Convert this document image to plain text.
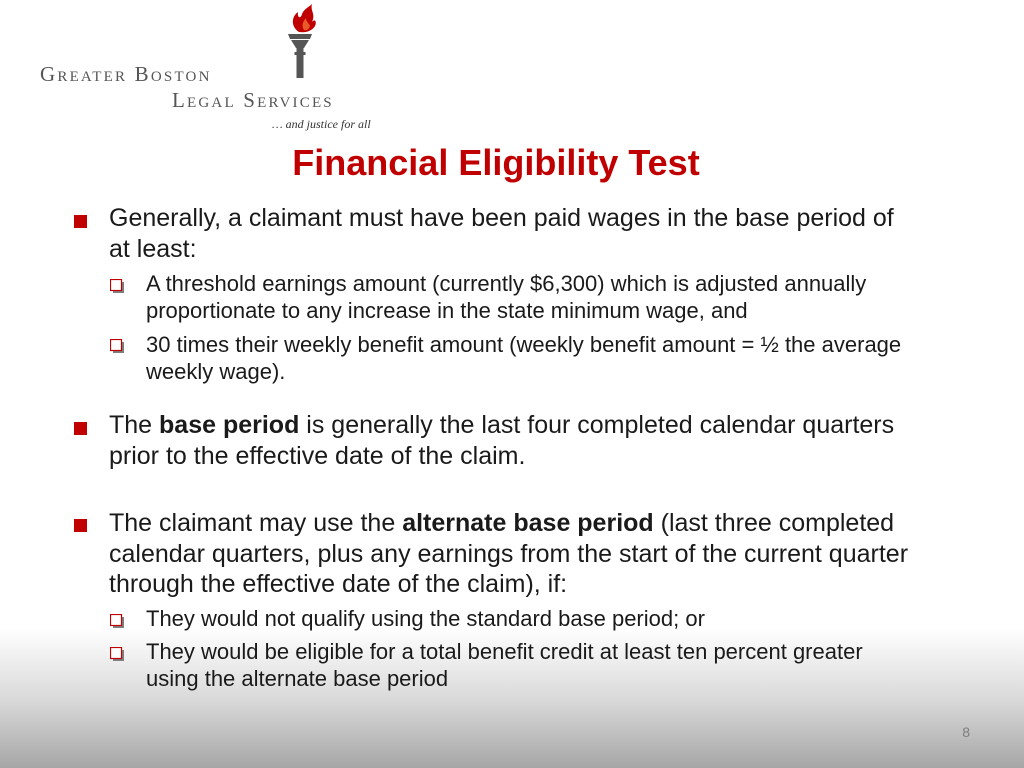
Greater Boston
Legal Services
… and justice for all
Financial Eligibility Test
Generally, a claimant must have been paid wages in the base period of at least:
A threshold earnings amount (currently $6,300) which is adjusted annually proportionate to any increase in the state minimum wage, and
30 times their weekly benefit amount (weekly benefit amount = ½ the average weekly wage).
The base period is generally the last four completed calendar quarters prior to the effective date of the claim.
The claimant may use the alternate base period (last three completed calendar quarters, plus any earnings from the start of the current quarter through the effective date of the claim), if:
They would not qualify using the standard base period; or
They would be eligible for a total benefit credit at least ten percent greater using the alternate base period
8
